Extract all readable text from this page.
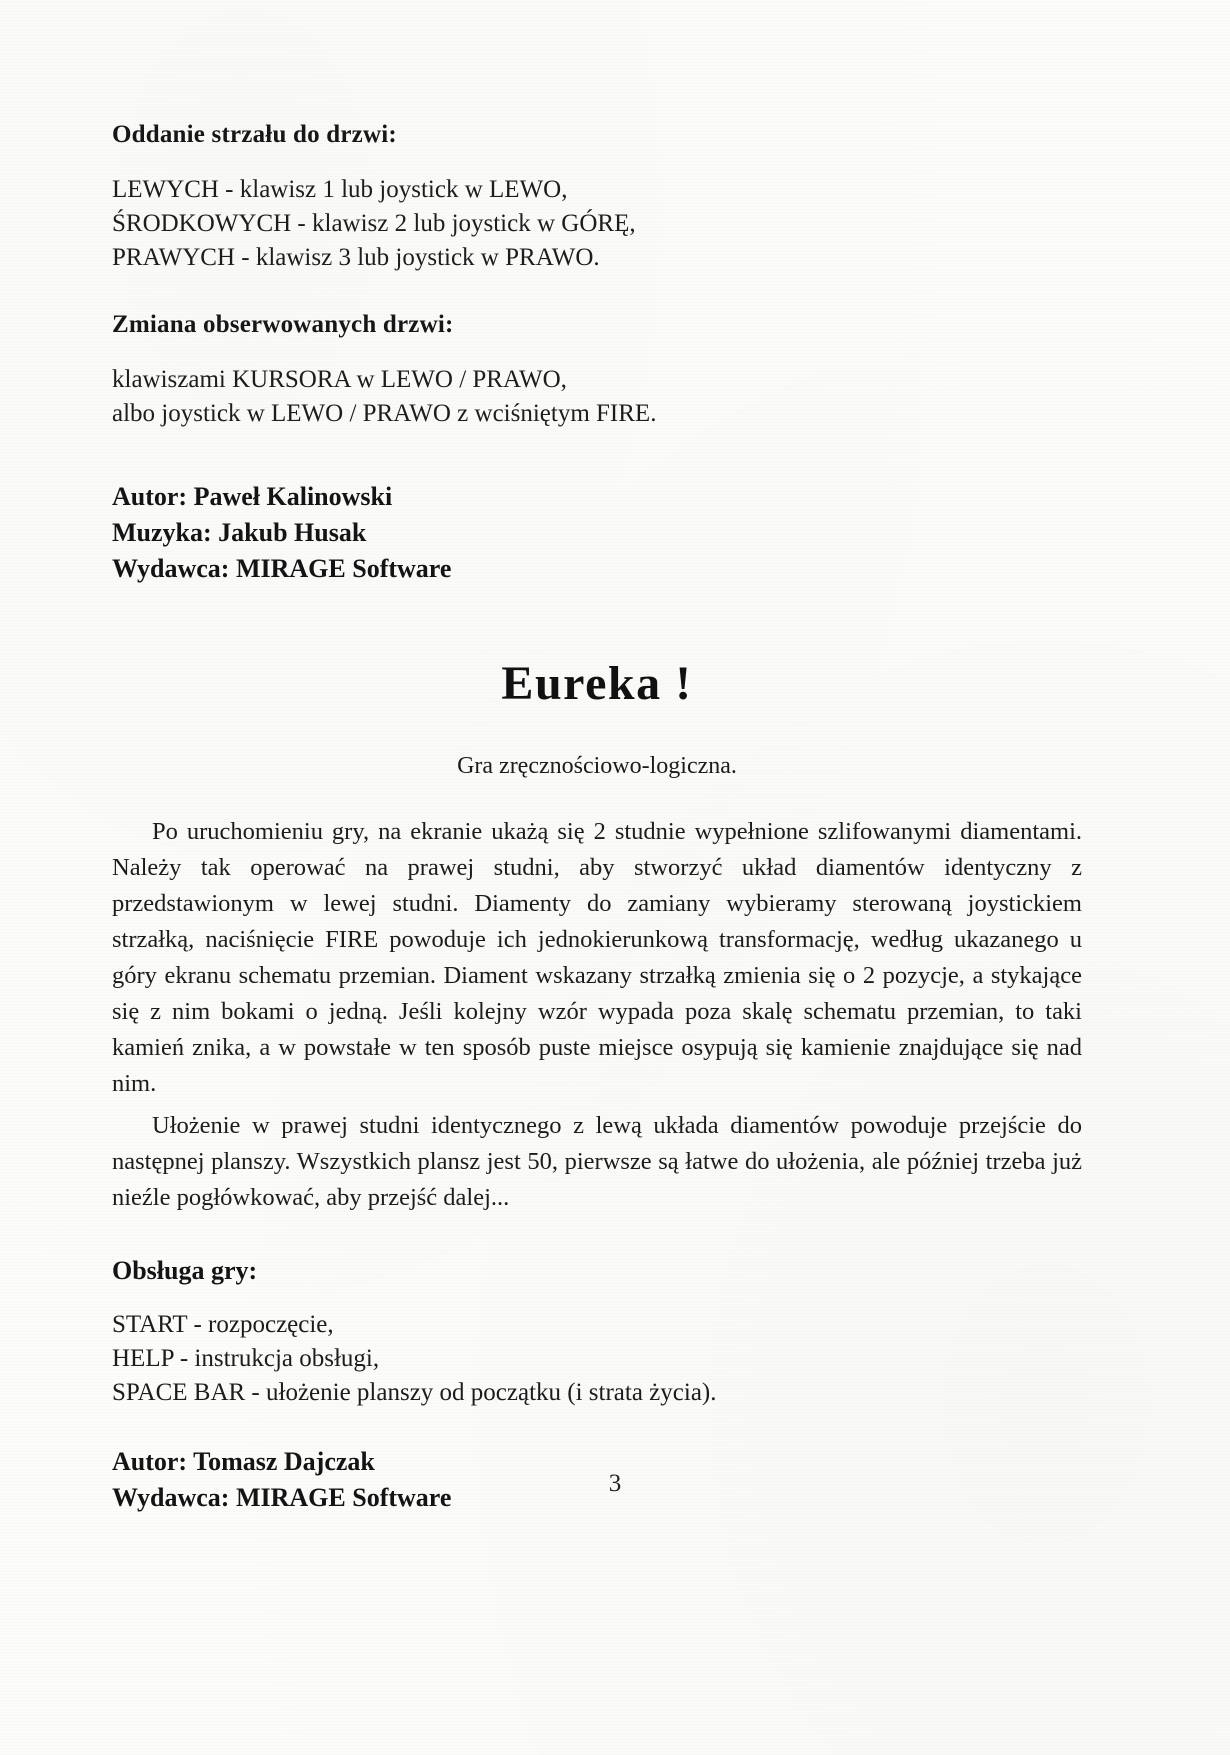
Oddanie strzału do drzwi:
LEWYCH - klawisz 1 lub joystick w LEWO,
ŚRODKOWYCH - klawisz 2 lub joystick w GÓRĘ,
PRAWYCH - klawisz 3 lub joystick w PRAWO.
Zmiana obserwowanych drzwi:
klawiszami KURSORA w LEWO / PRAWO,
albo joystick w LEWO / PRAWO z wciśniętym FIRE.
Autor: Paweł Kalinowski
Muzyka: Jakub Husak
Wydawca: MIRAGE Software
Eureka !
Gra zręcznościowo-logiczna.
Po uruchomieniu gry, na ekranie ukażą się 2 studnie wypełnione szlifowanymi diamentami. Należy tak operować na prawej studni, aby stworzyć układ diamentów identyczny z przedstawionym w lewej studni. Diamenty do zamiany wybieramy sterowaną joystickiem strzałką, naciśnięcie FIRE powoduje ich jednokierunkową transformację, według ukazanego u góry ekranu schematu przemian. Diament wskazany strzałką zmienia się o 2 pozycje, a stykające się z nim bokami o jedną. Jeśli kolejny wzór wypada poza skalę schematu przemian, to taki kamień znika, a w powstałe w ten sposób puste miejsce osypują się kamienie znajdujące się nad nim.
Ułożenie w prawej studni identycznego z lewą układa diamentów powoduje przejście do następnej planszy. Wszystkich plansz jest 50, pierwsze są łatwe do ułożenia, ale później trzeba już nieźle pogłówkować, aby przejść dalej...
Obsługa gry:
START - rozpoczęcie,
HELP - instrukcja obsługi,
SPACE BAR - ułożenie planszy od początku (i strata życia).
Autor: Tomasz Dajczak
Wydawca: MIRAGE Software	3
